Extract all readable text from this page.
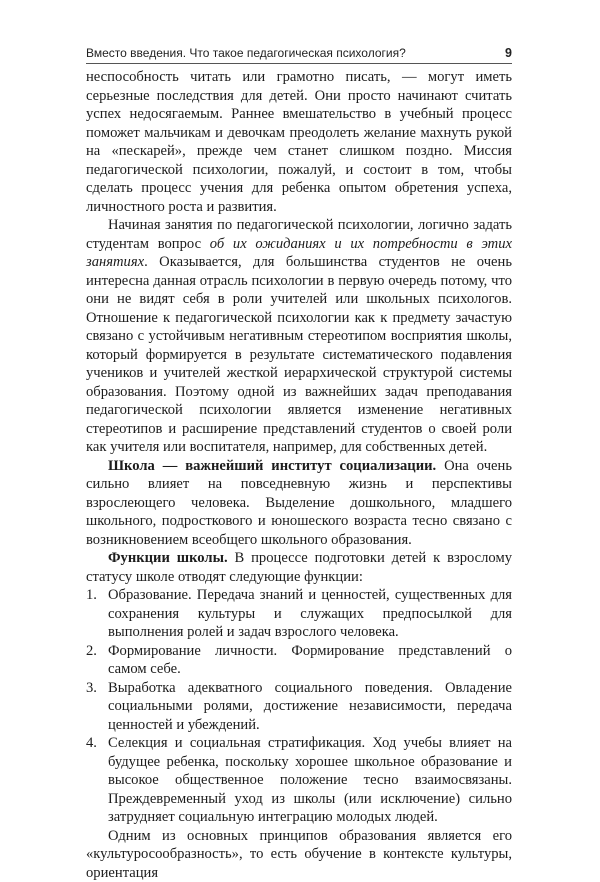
Вместо введения. Что такое педагогическая психология?	9

неспособность читать или грамотно писать, — могут иметь серьезные последствия для детей. Они просто начинают считать успех недосягаемым. Раннее вмешательство в учебный процесс поможет мальчикам и девочкам преодолеть желание махнуть рукой на «пескарей», прежде чем станет слишком поздно. Миссия педагогической психологии, пожалуй, и состоит в том, чтобы сделать процесс учения для ребенка опытом обретения успеха, личностного роста и развития.

Начиная занятия по педагогической психологии, логично задать студентам вопрос об их ожиданиях и их потребности в этих занятиях. Оказывается, для большинства студентов не очень интересна данная отрасль психологии в первую очередь потому, что они не видят себя в роли учителей или школьных психологов. Отношение к педагогической психологии как к предмету зачастую связано с устойчивым негативным стереотипом восприятия школы, который формируется в результате систематического подавления учеников и учителей жесткой иерархической структурой системы образования. Поэтому одной из важнейших задач преподавания педагогической психологии является изменение негативных стереотипов и расширение представлений студентов о своей роли как учителя или воспитателя, например, для собственных детей.

Школа — важнейший институт социализации. Она очень сильно влияет на повседневную жизнь и перспективы взрослеющего человека. Выделение дошкольного, младшего школьного, подросткового и юношеского возраста тесно связано с возникновением всеобщего школьного образования.

Функции школы. В процессе подготовки детей к взрослому статусу школе отводят следующие функции:

1. Образование. Передача знаний и ценностей, существенных для сохранения культуры и служащих предпосылкой для выполнения ролей и задач взрослого человека.
2. Формирование личности. Формирование представлений о самом себе.
3. Выработка адекватного социального поведения. Овладение социальными ролями, достижение независимости, передача ценностей и убеждений.
4. Селекция и социальная стратификация. Ход учебы влияет на будущее ребенка, поскольку хорошее школьное образование и высокое общественное положение тесно взаимосвязаны. Преждевременный уход из школы (или исключение) сильно затрудняет социальную интеграцию молодых людей.

Одним из основных принципов образования является его «культуросообразность», то есть обучение в контексте культуры, ориентация
